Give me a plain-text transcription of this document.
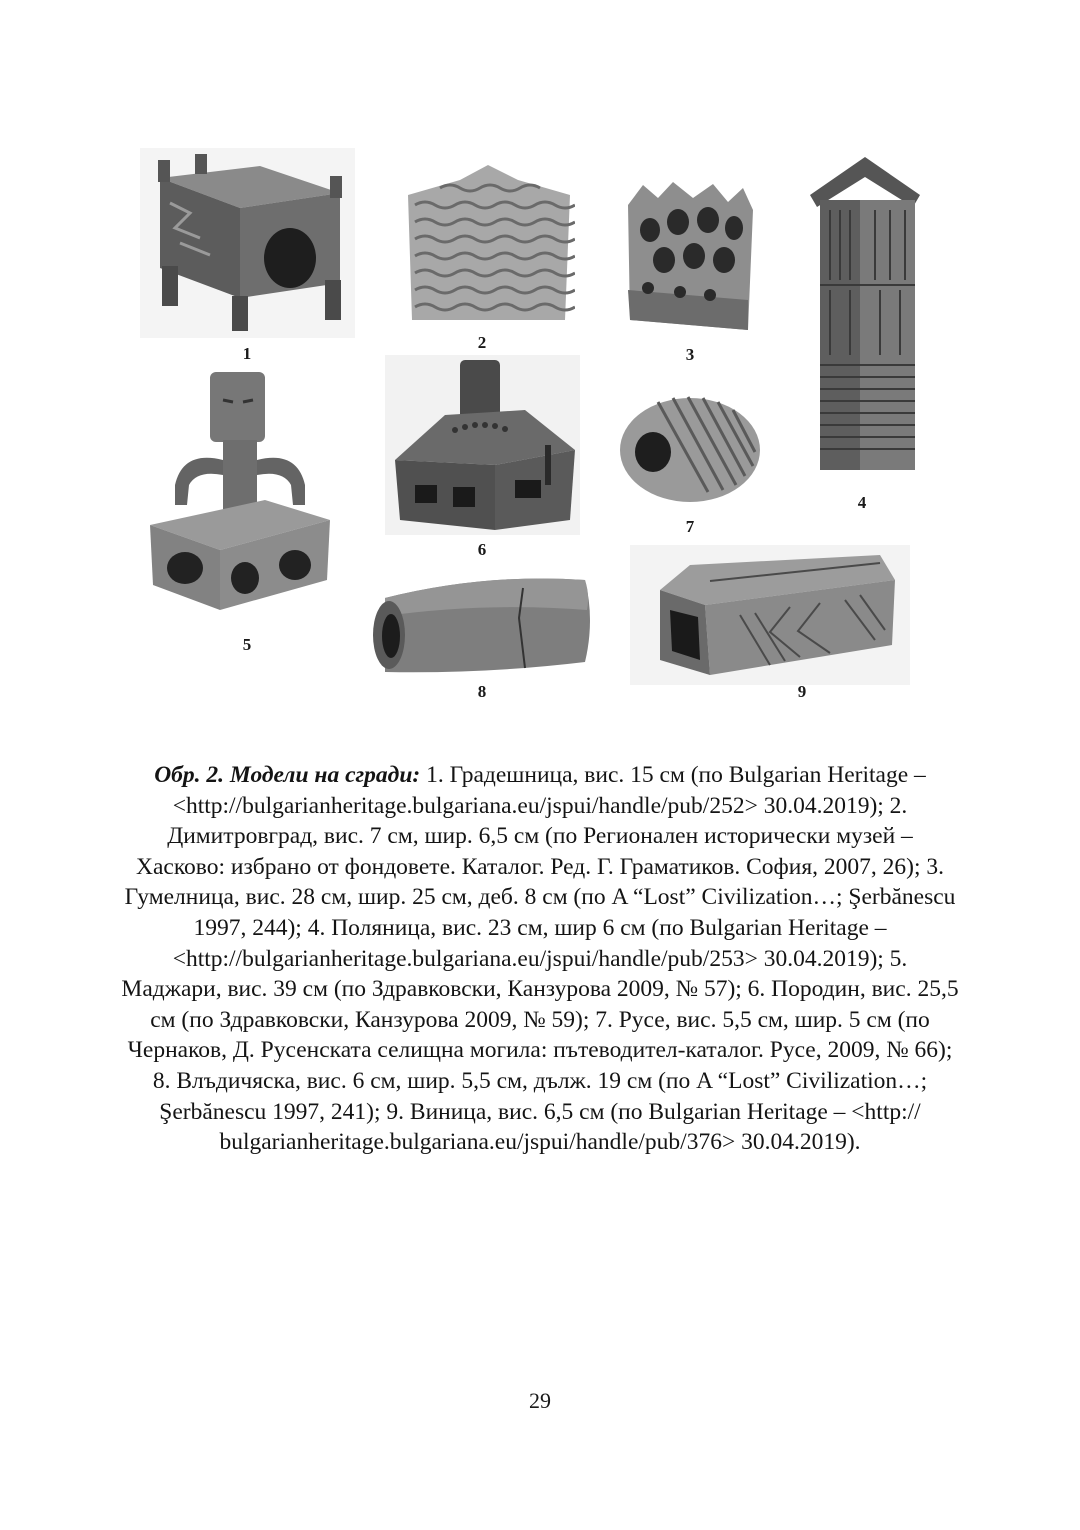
1
2
3
4
5
6
7
8	9
Обр. 2. Модели на сгради: 1. Градешница, вис. 15 см (по Bulgarian Heritage – <http://bulgarianheritage.bulgariana.eu/jspui/handle/pub/252> 30.04.2019); 2. Димитровград, вис. 7 см, шир. 6,5 см (по Регионален исторически музей – Хасково: избрано от фондовете. Каталог. Ред. Г. Граматиков. София, 2007, 26); 3. Гумелница, вис. 28 см, шир. 25 см, деб. 8 см (по A “Lost” Civilization…; Şerbănescu 1997, 244); 4. Поляница, вис. 23 см, шир 6 см (по Bulgarian Heritage – <http://bulgarianheritage.bulgariana.eu/jspui/handle/pub/253> 30.04.2019); 5. Маджари, вис. 39 см (по Здравковски, Канзурова 2009, № 57); 6. Породин, вис. 25,5 см (по Здравковски, Канзурова 2009, № 59); 7. Русе, вис. 5,5 см, шир. 5 см (по Чернаков, Д. Русенската селищна могила: пътеводител-каталог. Русе, 2009, № 66); 8. Влъдичяска, вис. 6 см, шир. 5,5 см, дълж. 19 см (по A “Lost” Civilization…; Şerbănescu 1997, 241); 9. Виница, вис. 6,5 см (по Bulgarian Heritage – <http:// bulgarianheritage.bulgariana.eu/jspui/handle/pub/376> 30.04.2019).
29
